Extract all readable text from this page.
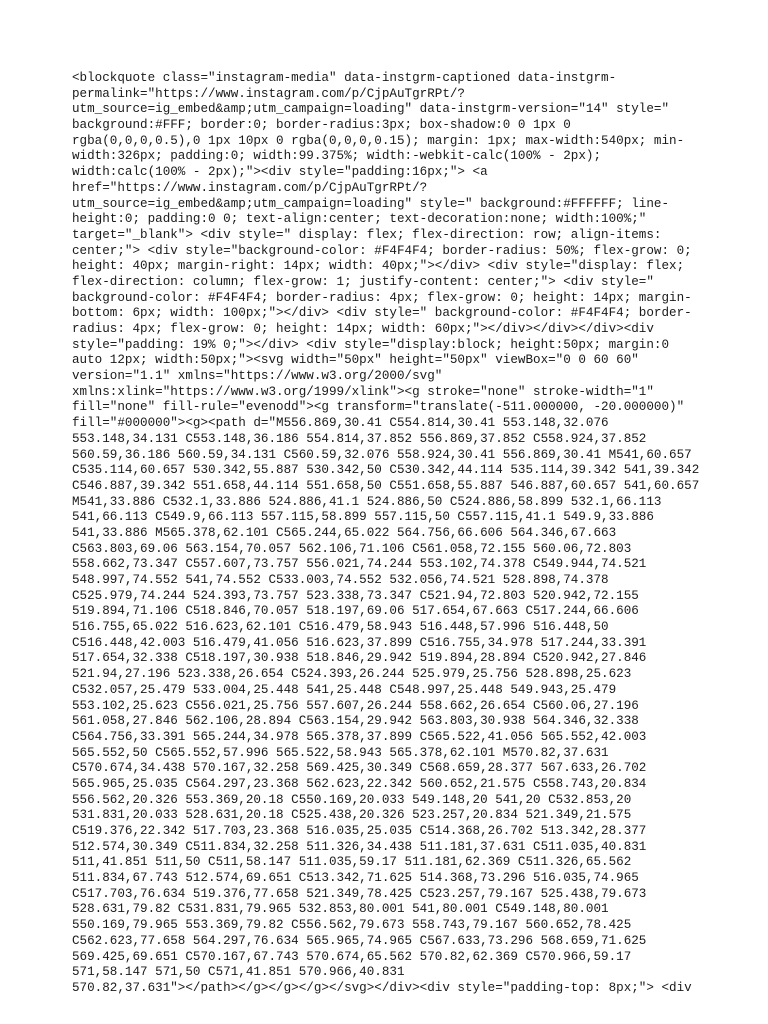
<blockquote class="instagram-media" data-instgrm-captioned data-instgrm-
permalink="https://www.instagram.com/p/CjpAuTgrRPt/?
utm_source=ig_embed&amp;utm_campaign=loading" data-instgrm-version="14" style="
background:#FFF; border:0; border-radius:3px; box-shadow:0 0 1px 0
rgba(0,0,0,0.5),0 1px 10px 0 rgba(0,0,0,0.15); margin: 1px; max-width:540px; min-
width:326px; padding:0; width:99.375%; width:-webkit-calc(100% - 2px);
width:calc(100% - 2px);"><div style="padding:16px;"> <a
href="https://www.instagram.com/p/CjpAuTgrRPt/?
utm_source=ig_embed&amp;utm_campaign=loading" style=" background:#FFFFFF; line-
height:0; padding:0 0; text-align:center; text-decoration:none; width:100%;"
target="_blank"> <div style=" display: flex; flex-direction: row; align-items:
center;"> <div style="background-color: #F4F4F4; border-radius: 50%; flex-grow: 0;
height: 40px; margin-right: 14px; width: 40px;"></div> <div style="display: flex;
flex-direction: column; flex-grow: 1; justify-content: center;"> <div style="
background-color: #F4F4F4; border-radius: 4px; flex-grow: 0; height: 14px; margin-
bottom: 6px; width: 100px;"></div> <div style=" background-color: #F4F4F4; border-
radius: 4px; flex-grow: 0; height: 14px; width: 60px;"></div></div></div><div
style="padding: 19% 0;"></div> <div style="display:block; height:50px; margin:0
auto 12px; width:50px;"><svg width="50px" height="50px" viewBox="0 0 60 60"
version="1.1" xmlns="https://www.w3.org/2000/svg"
xmlns:xlink="https://www.w3.org/1999/xlink"><g stroke="none" stroke-width="1"
fill="none" fill-rule="evenodd"><g transform="translate(-511.000000, -20.000000)"
fill="#000000"><g><path d="M556.869,30.41 C554.814,30.41 553.148,32.076
553.148,34.131 C553.148,36.186 554.814,37.852 556.869,37.852 C558.924,37.852
560.59,36.186 560.59,34.131 C560.59,32.076 558.924,30.41 556.869,30.41 M541,60.657
C535.114,60.657 530.342,55.887 530.342,50 C530.342,44.114 535.114,39.342 541,39.342
C546.887,39.342 551.658,44.114 551.658,50 C551.658,55.887 546.887,60.657 541,60.657
M541,33.886 C532.1,33.886 524.886,41.1 524.886,50 C524.886,58.899 532.1,66.113
541,66.113 C549.9,66.113 557.115,58.899 557.115,50 C557.115,41.1 549.9,33.886
541,33.886 M565.378,62.101 C565.244,65.022 564.756,66.606 564.346,67.663
C563.803,69.06 563.154,70.057 562.106,71.106 C561.058,72.155 560.06,72.803
558.662,73.347 C557.607,73.757 556.021,74.244 553.102,74.378 C549.944,74.521
548.997,74.552 541,74.552 C533.003,74.552 532.056,74.521 528.898,74.378
C525.979,74.244 524.393,73.757 523.338,73.347 C521.94,72.803 520.942,72.155
519.894,71.106 C518.846,70.057 518.197,69.06 517.654,67.663 C517.244,66.606
516.755,65.022 516.623,62.101 C516.479,58.943 516.448,57.996 516.448,50
C516.448,42.003 516.479,41.056 516.623,37.899 C516.755,34.978 517.244,33.391
517.654,32.338 C518.197,30.938 518.846,29.942 519.894,28.894 C520.942,27.846
521.94,27.196 523.338,26.654 C524.393,26.244 525.979,25.756 528.898,25.623
C532.057,25.479 533.004,25.448 541,25.448 C548.997,25.448 549.943,25.479
553.102,25.623 C556.021,25.756 557.607,26.244 558.662,26.654 C560.06,27.196
561.058,27.846 562.106,28.894 C563.154,29.942 563.803,30.938 564.346,32.338
C564.756,33.391 565.244,34.978 565.378,37.899 C565.522,41.056 565.552,42.003
565.552,50 C565.552,57.996 565.522,58.943 565.378,62.101 M570.82,37.631
C570.674,34.438 570.167,32.258 569.425,30.349 C568.659,28.377 567.633,26.702
565.965,25.035 C564.297,23.368 562.623,22.342 560.652,21.575 C558.743,20.834
556.562,20.326 553.369,20.18 C550.169,20.033 549.148,20 541,20 C532.853,20
531.831,20.033 528.631,20.18 C525.438,20.326 523.257,20.834 521.349,21.575
C519.376,22.342 517.703,23.368 516.035,25.035 C514.368,26.702 513.342,28.377
512.574,30.349 C511.834,32.258 511.326,34.438 511.181,37.631 C511.035,40.831
511,41.851 511,50 C511,58.147 511.035,59.17 511.181,62.369 C511.326,65.562
511.834,67.743 512.574,69.651 C513.342,71.625 514.368,73.296 516.035,74.965
C517.703,76.634 519.376,77.658 521.349,78.425 C523.257,79.167 525.438,79.673
528.631,79.82 C531.831,79.965 532.853,80.001 541,80.001 C549.148,80.001
550.169,79.965 553.369,79.82 C556.562,79.673 558.743,79.167 560.652,78.425
C562.623,77.658 564.297,76.634 565.965,74.965 C567.633,73.296 568.659,71.625
569.425,69.651 C570.167,67.743 570.674,65.562 570.82,62.369 C570.966,59.17
571,58.147 571,50 C571,41.851 570.966,40.831
570.82,37.631"></path></g></g></g></svg></div><div style="padding-top: 8px;"> <div
